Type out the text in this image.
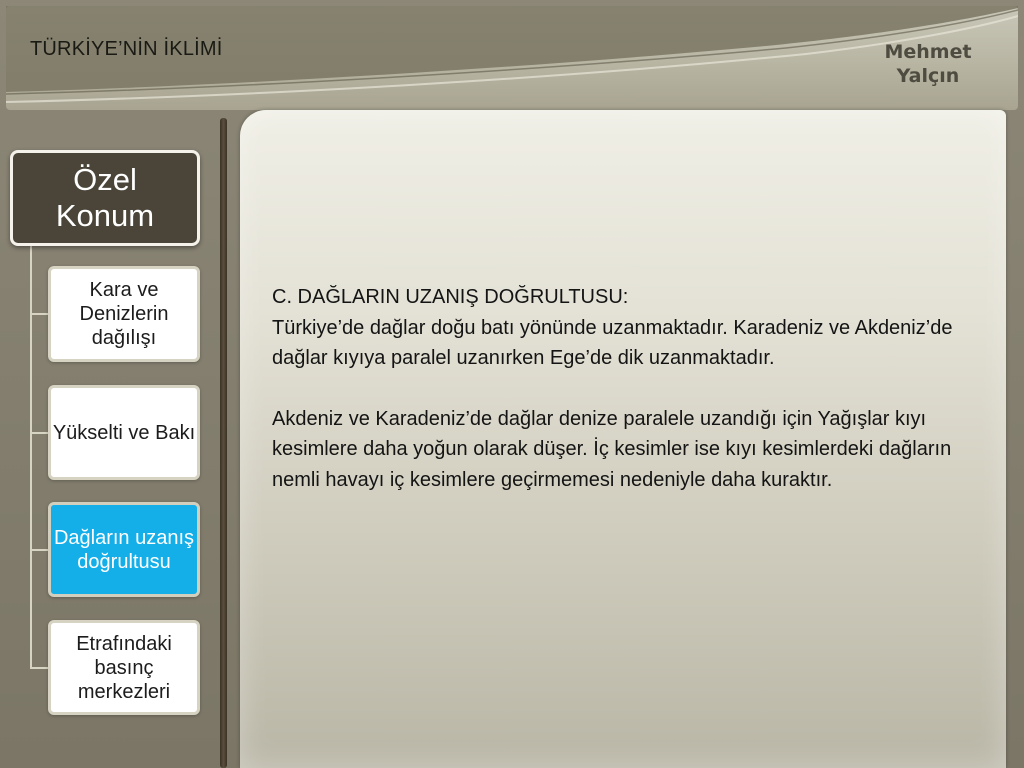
TÜRKİYE’NİN İKLİMİ	Mehmet
Yalçın

C. DAĞLARIN UZANIŞ DOĞRULTUSU:
Türkiye’de dağlar doğu batı yönünde uzanmaktadır. Karadeniz ve Akdeniz’de dağlar kıyıya paralel uzanırken Ege’de dik uzanmaktadır.

Akdeniz ve Karadeniz’de dağlar denize paralele uzandığı için Yağışlar kıyı kesimlere daha yoğun olarak düşer. İç kesimler ise kıyı kesimlerdeki dağların nemli havayı iç kesimlere geçirmemesi nedeniyle daha kuraktır.

Özel
Konum
Kara ve Denizlerin dağılışı
Yükselti ve Bakı
Dağların uzanış doğrultusu
Etrafındaki basınç merkezleri
